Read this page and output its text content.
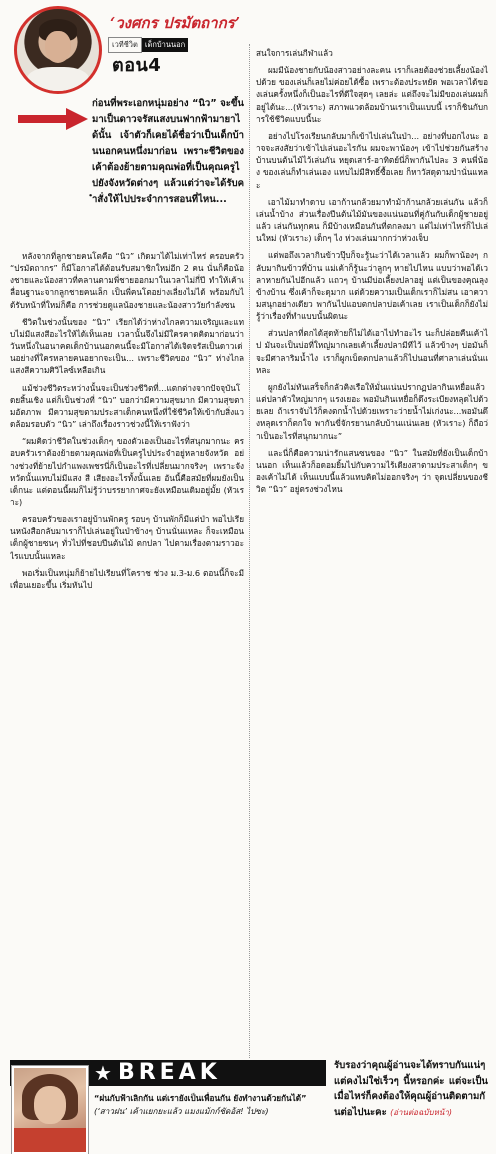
‘วงศกร ปรมัตถากร’
เวทีชีวิต เด็กบ้านนอก
ตอน4
ก่อนที่พระเอกหนุ่มอย่าง “นิว” จะขึ้นมาเป็นดาวจรัสแสงบนฟากฟ้ามายาได้นั้น เจ้าตัวก็เคยได้ชื่อว่าเป็นเด็กบ้านนอกคนหนึ่งมาก่อน เพราะชีวิตของเค้าต้องย้ายตามคุณพ่อที่เป็นคุณครูไปยังจังหวัดต่างๆ แล้วแต่ว่าจะได้รับคำสั่งให้ไปประจำการสอนที่ไหน...

หลังจากที่ลูกชายคนโตคือ “นิว” เกิดมาได้ไม่เท่าไหร่ ครอบครัว “ปรมัตถากร” ก็มีโอกาสได้ต้อนรับสมาชิกใหม่อีก 2 คน นั่นก็คือน้องชายและน้องสาวที่คลานตามพี่ชายออกมาในเวลาไม่กี่ปี ทำให้เค้าเลื่อนฐานะจากลูกชายคนเล็ก เป็นพี่คนโตอย่างเลี่ยงไม่ได้ พร้อมกับได้รับหน้าที่ใหม่ก็คือ การช่วยดูแลน้องชายและน้องสาววัยกำลังซน

ชีวิตในช่วงนั้นของ “นิว” เรียกได้ว่าห่างไกลความเจริญและแทบไม่มีแสงสีอะไรให้ได้เห็นเลย เวลานั้นจึงไม่มีใครคาดคิดมาก่อนว่า วันหนึ่งในอนาคตเด็กบ้านนอกคนนี้จะมีโอกาสได้เจิดจรัสเป็นดาวเด่นอย่างที่ใครหลายคนอยากจะเป็น... เพราะชีวิตของ “นิว” ห่างไกลแสงสีความศิวิไลซ์เหลือเกิน

แม้ช่วงชีวิตระหว่างนั้นจะเป็นช่วงชีวิตที่...แตกต่างจากปัจจุบันโดยสิ้นเชิง แต่ก็เป็นช่วงที่ “นิว” บอกว่ามีความสุขมาก มีความสุขตามอัตภาพ มีความสุขตามประสาเด็กคนหนึ่งที่ใช้ชีวิตให้เข้ากับสิ่งแวดล้อมรอบตัว “นิว” เล่าถึงเรื่องราวช่วงนี้ให้เราฟังว่า

“ผมคิดว่าชีวิตในช่วงเด็กๆ ของตัวเองเป็นอะไรที่สนุกมากนะ ครอบครัวเราต้องย้ายตามคุณพ่อที่เป็นครูไปประจำอยู่หลายจังหวัด อย่างช่วงที่ย้ายไปกำแพงเพชรนี่ก็เป็นอะไรที่เปลี่ยนมากจริงๆ เพราะจังหวัดนั้นแทบไม่มีแสง สี เสียงอะไรทั้งนั้นเลย อันนี้คือสมัยที่ผมยังเป็นเด็กนะ แต่ตอนนี้ผมก็ไม่รู้ว่าบรรยากาศจะยังเหมือนเดิมอยู่มั้ย (หัวเราะ)

ครอบครัวของเราอยู่บ้านพักครู รอบๆ บ้านพักก็มีแต่ป่า พอไปเรียนหนังสือกลับมาเราก็ไปเล่นอยู่ในป่าข้างๆ บ้านนั่นแหละ ก็จะเหมือนเด็กผู้ชายซนๆ ทั่วไปที่ชอบปีนต้นไม้ ตกปลา ไปตามเรื่องตามราวอะไรแบบนั้นแหละ

พอเริ่มเป็นหนุ่มก็ย้ายไปเรียนที่โคราช ช่วง ม.3-ม.6 ตอนนี้ก็จะมีเพื่อนเยอะขึ้น เริ่มหันไป

สนใจการเล่นกีฬาแล้ว

ผมมีน้องชายกับน้องสาวอย่างละคน เราก็เลยต้องช่วยเลี้ยงน้องไปด้วย ของเล่นก็เลยไม่ค่อยได้ซื้อ เพราะต้องประหยัด พอเวลาได้ของเล่นครั้งหนึ่งก็เป็นอะไรที่ดีใจสุดๆ เลยล่ะ แต่ถึงจะไม่มีของเล่นผมก็อยู่ได้นะ...(หัวเราะ) สภาพแวดล้อมบ้านเราเป็นแบบนี้ เราก็ชินกับการใช้ชีวิตแบบนี้นะ

อย่างไปโรงเรียนกลับมาก็เข้าไปเล่นในป่า... อย่างที่บอกไงนะ อาจจะสงสัยว่าเข้าไปเล่นอะไรกัน ผมจะพาน้องๆ เข้าไปช่วยกันสร้างบ้านบนต้นไม้ไว้เล่นกัน หยุดเสาร์-อาทิตย์นี่ก็พากันไปละ 3 คนพี่น้อง ของเล่นก็ทำเล่นเอง แทบไม่มีสิทธิ์ซื้อเลย ก็หาวัสดุตามป่านั่นแหละ

เอาไม้มาทำดาบ เอาก้านกล้วยมาทำม้าก้านกล้วยเล่นกัน แล้วก็เล่นน้ำบ้าง ส่วนเรื่องปีนต้นไม้มันของแน่นอนที่คู่กันกับเด็กผู้ชายอยู่แล้ว เล่นกันทุกคน ก็มีบ้างเหมือนกันที่ตกลงมา แต่ไม่เท่าไหร่ก็ไปเล่นใหม่ (หัวเราะ) เด็กๆ ไง ห่วงเล่นมากกว่าห่วงเจ็บ

แต่พอถึงเวลากินข้าวปุ๊บก็จะรู้นะว่าได้เวลาแล้ว ผมก็พาน้องๆ กลับมากินข้าวที่บ้าน แม่เค้าก็รู้นะว่าลูกๆ หายไปไหน แบบว่าพอได้เวลาหายกันไปอีกแล้ว แถวๆ บ้านมีบ่อเลี้ยงปลาอยู่ แต่เป็นของคุณลุงข้างบ้าน ซึ่งเค้าก็จะดุมาก แต่ด้วยความเป็นเด็กเราก็ไม่สน เอาความสนุกอย่างเดียว พากันไปแอบตกปลาบ่อเค้าเลย เราเป็นเด็กก็ยังไม่รู้ว่าเรื่องที่ทำแบบนั้นผิดนะ

ส่วนปลาที่ตกได้สุดท้ายก็ไม่ได้เอาไปทำอะไร นะก็ปล่อยคืนเค้าไป มันจะเป็นบ่อที่ใหญ่มากเลยเค้าเลี้ยงปลามีทีไว้ แล้วข้างๆ บ่อมันก็จะมีศาลาริมน้ำไง เราก็ผูกเบ็ดตกปลาแล้วก็ไปนอนที่ศาลาเล่นนั่นแหละ

ผูกยังไม่ทันเสร็จก็กลัวคิงเรือให้มั่นแน่นปรากฏปลากินเหยื่อแล้ว แต่ปลาตัวใหญ่มากๆ แรงเยอะ พอมันกินเหยื่อก็ดึงระเบียงหลุดไปด้วยเลย ถ้าเราจับไว้ก็คงตกน้ำไปด้วยเพราะว่ายน้ำไม่เก่งนะ...พอมันดึงหลุดเราก็ตกใจ พากันขี่จักรยานกลับบ้านแน่นเลย (หัวเราะ) ก็ถือว่าเป็นอะไรที่สนุกมากนะ”

และนี่ก็คือความน่ารักแสนซนของ “นิว” ในสมัยที่ยังเป็นเด็กบ้านนอก เห็นแล้วก็อดอมยิ้มไปกับความไร้เดียงสาตามประสาเด็กๆ ของเค้าไม่ได้ เห็นแบบนี้แล้วแทบคิดไม่ออกจริงๆ ว่า จุดเปลี่ยนของชีวิต “นิว” อยู่ตรงช่วงไหน

★ BREAK
“ฝนกับฟ้าเลิกกัน แต่เรายังเป็นเพื่อนกัน ยังทำงานด้วยกันได้”
(‘สาวฝน’ เค้าแยกยะแล้ว แมงแม้กก์ชัดอ้ส! ไปซะ)
รับรองว่าคุณผู้อ่านจะได้ทราบกันแน่ๆ แต่คงไม่ใช่เร็วๆ นี้หรอกค่ะ แต่จะเป็นเมื่อไหร่ก็คงต้องให้คุณผู้อ่านติดตามกันต่อไปนะคะ (อ่านต่อฉบับหน้า)
